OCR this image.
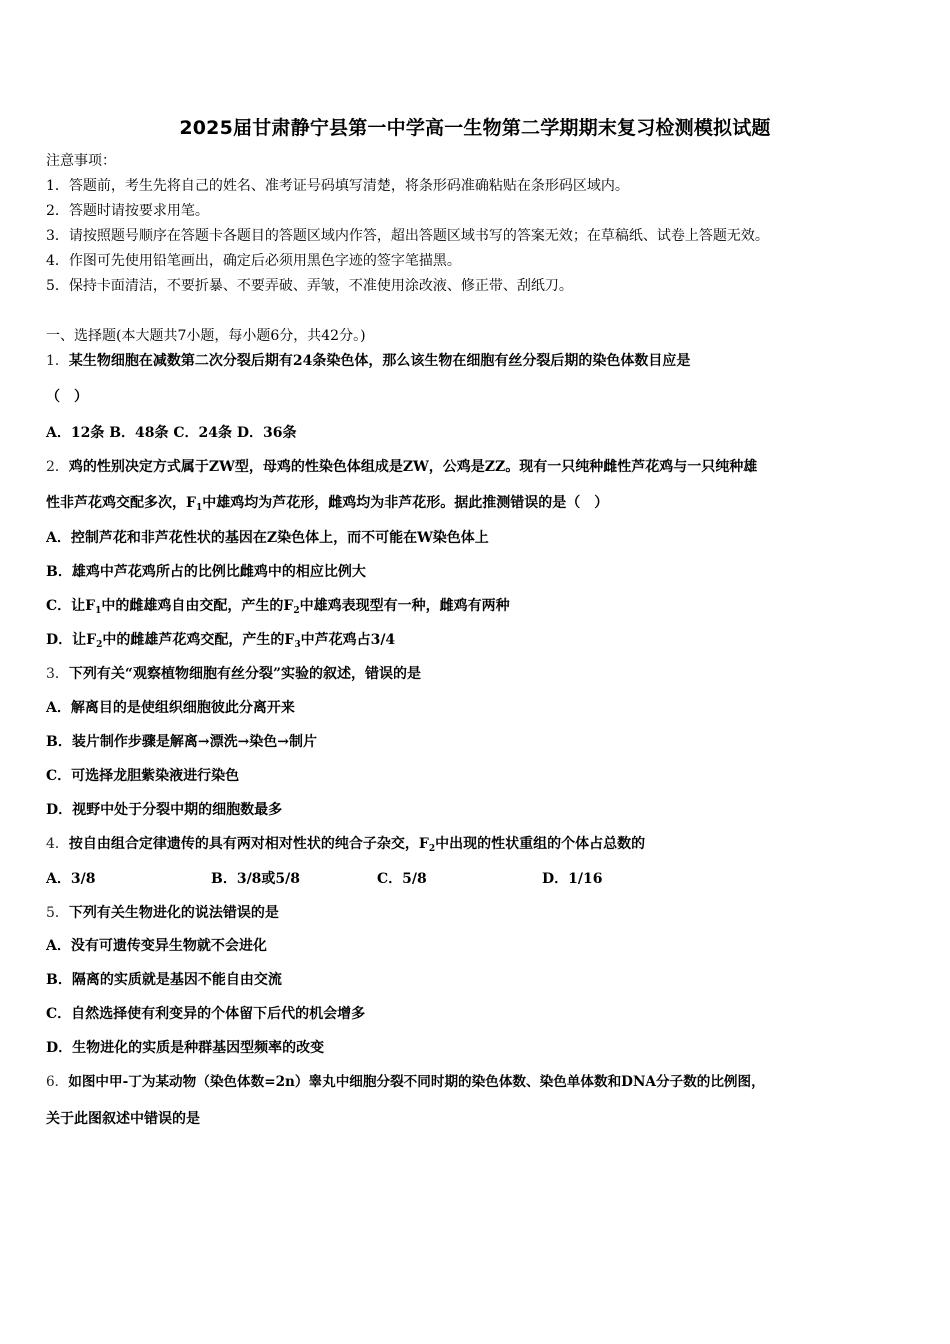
2025届甘肃静宁县第一中学高一生物第二学期期末复习检测模拟试题
注意事项：
1．答题前，考生先将自己的姓名、准考证号码填写清楚，将条形码准确粘贴在条形码区域内。
2．答题时请按要求用笔。
3．请按照题号顺序在答题卡各题目的答题区域内作答，超出答题区域书写的答案无效；在草稿纸、试卷上答题无效。
4．作图可先使用铅笔画出，确定后必须用黑色字迹的签字笔描黑。
5．保持卡面清洁，不要折暴、不要弄破、弄皱，不准使用涂改液、修正带、刮纸刀。
一、选择题(本大题共7小题，每小题6分，共42分。)
1．某生物细胞在减数第二次分裂后期有24条染色体，那么该生物在细胞有丝分裂后期的染色体数目应是
（　）
A．12条 B．48条 C．24条 D．36条
2．鸡的性别决定方式属于ZW型，母鸡的性染色体组成是ZW，公鸡是ZZ。现有一只纯种雌性芦花鸡与一只纯种雄
性非芦花鸡交配多次，$F_1$中雄鸡均为芦花形，雌鸡均为非芦花形。据此推测错误的是（　）
A．控制芦花和非芦花性状的基因在Z染色体上，而不可能在W染色体上
B．雄鸡中芦花鸡所占的比例比雌鸡中的相应比例大
C．让$F_1$中的雌雄鸡自由交配，产生的$F_2$中雄鸡表现型有一种，雌鸡有两种
D．让$F_2$中的雌雄芦花鸡交配，产生的$F_3$中芦花鸡占3/4
3．下列有关“观察植物细胞有丝分裂”实验的叙述，错误的是
A．解离目的是使组织细胞彼此分离开来
B．装片制作步骤是解离→漂洗→染色→制片
C．可选择龙胆紫染液进行染色
D．视野中处于分裂中期的细胞数最多
4．按自由组合定律遗传的具有两对相对性状的纯合子杂交，$F_2$中出现的性状重组的个体占总数的
A．3/8	B．3/8或5/8	C．5/8	D．1/16
5．下列有关生物进化的说法错误的是
A．没有可遗传变异生物就不会进化
B．隔离的实质就是基因不能自由交流
C．自然选择使有利变异的个体留下后代的机会增多
D．生物进化的实质是种群基因型频率的改变
6．如图中甲-丁为某动物（染色体数=2n）睾丸中细胞分裂不同时期的染色体数、染色单体数和DNA分子数的比例图，
关于此图叙述中错误的是
